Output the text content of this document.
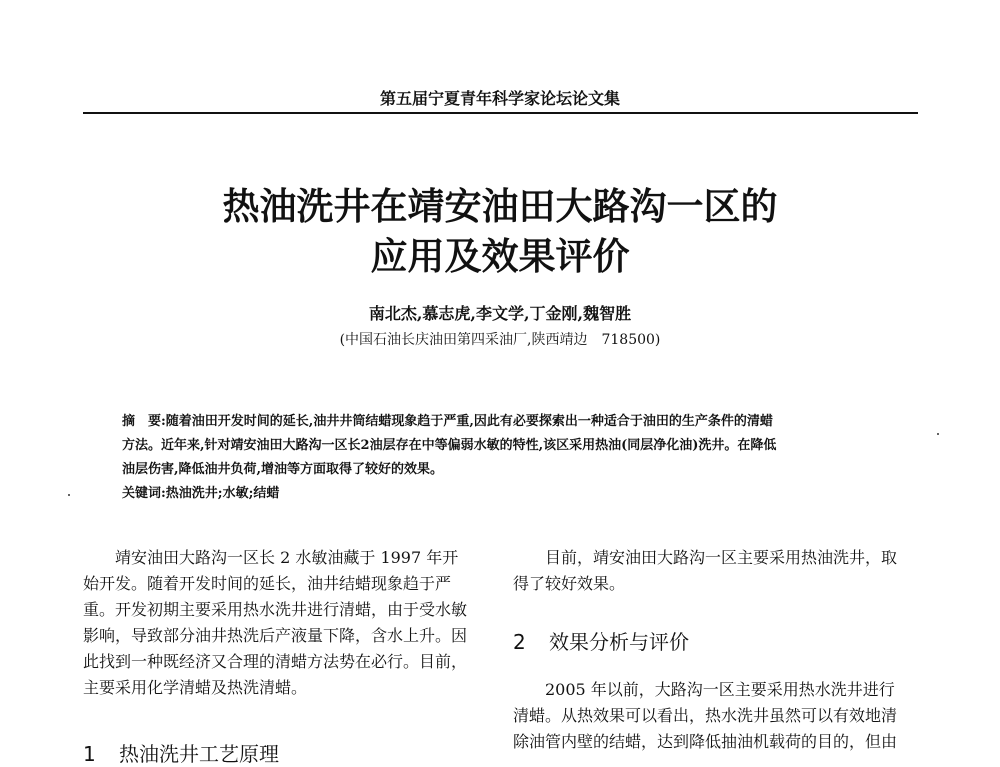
第五届宁夏青年科学家论坛论文集
热油洗井在靖安油田大路沟一区的
应用及效果评价
南北杰,慕志虎,李文学,丁金刚,魏智胜
(中国石油长庆油田第四采油厂,陕西靖边　718500)
摘　要:随着油田开发时间的延长,油井井筒结蜡现象趋于严重,因此有必要探索出一种适合于油田的生产条件的清蜡
方法。近年来,针对靖安油田大路沟一区长2油层存在中等偏弱水敏的特性,该区采用热油(同层净化油)洗井。在降低
油层伤害,降低油井负荷,增油等方面取得了较好的效果。
关键词:热油洗井;水敏;结蜡
　　靖安油田大路沟一区长 2 水敏油藏于 1997 年开
始开发。随着开发时间的延长，油井结蜡现象趋于严
重。开发初期主要采用热水洗井进行清蜡，由于受水敏
影响，导致部分油井热洗后产液量下降，含水上升。因
此找到一种既经济又合理的清蜡方法势在必行。目前，
主要采用化学清蜡及热洗清蜡。
1 热油洗井工艺原理
　　目前，靖安油田大路沟一区主要采用热油洗井，取
得了较好效果。
2 效果分析与评价
　　2005 年以前，大路沟一区主要采用热水洗井进行
清蜡。从热效果可以看出，热水洗井虽然可以有效地清
除油管内壁的结蜡，达到降低抽油机载荷的目的，但由
